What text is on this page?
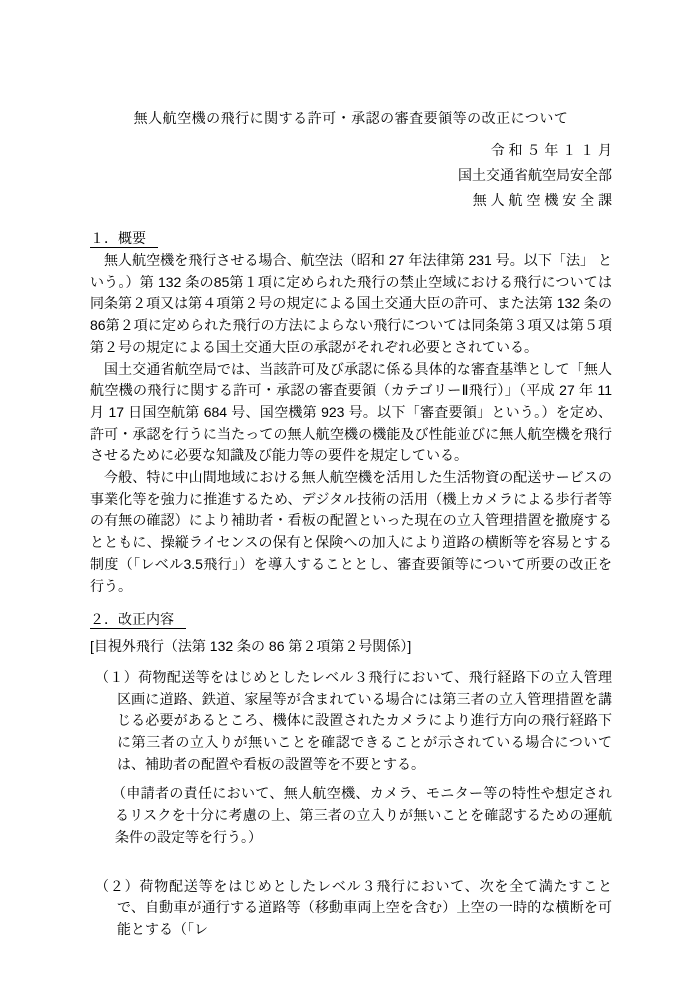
無人航空機の飛行に関する許可・承認の審査要領等の改正について
令 和 ５ 年 １ １ 月
国土交通省航空局安全部
無 人 航 空 機 安 全 課
１．概要

無人航空機を飛行させる場合、航空法（昭和 27 年法律第 231 号。以下「法」 という。）第 132 条の85第１項に定められた飛行の禁止空域における飛行については同条第２項又は第４項第２号の規定による国土交通大臣の許可、また法第 132 条の86第２項に定められた飛行の方法によらない飛行については同条第３項又は第５項第２号の規定による国土交通大臣の承認がそれぞれ必要とされている。

国土交通省航空局では、当該許可及び承認に係る具体的な審査基準として「無人航空機の飛行に関する許可・承認の審査要領（カテゴリーⅡ飛行）」（平成 27 年 11 月 17 日国空航第 684 号、国空機第 923 号。以下「審査要領」という。）を定め、許可・承認を行うに当たっての無人航空機の機能及び性能並びに無人航空機を飛行させるために必要な知識及び能力等の要件を規定している。

今般、特に中山間地域における無人航空機を活用した生活物資の配送サービスの事業化等を強力に推進するため、デジタル技術の活用（機上カメラによる歩行者等の有無の確認）により補助者・看板の配置といった現在の立入管理措置を撤廃するとともに、操縦ライセンスの保有と保険への加入により道路の横断等を容易とする制度（「レベル3.5飛行」）を導入することとし、審査要領等について所要の改正を行う。

２．改正内容
[目視外飛行（法第 132 条の 86 第２項第２号関係）]
（１）荷物配送等をはじめとしたレベル３飛行において、飛行経路下の立入管理区画に道路、鉄道、家屋等が含まれている場合には第三者の立入管理措置を講じる必要があるところ、機体に設置されたカメラにより進行方向の飛行経路下に第三者の立入りが無いことを確認できることが示されている場合については、補助者の配置や看板の設置等を不要とする。
（申請者の責任において、無人航空機、カメラ、モニター等の特性や想定されるリスクを十分に考慮の上、第三者の立入りが無いことを確認するための運航条件の設定等を行う。）
（２）荷物配送等をはじめとしたレベル３飛行において、次を全て満たすことで、自動車が通行する道路等（移動車両上空を含む）上空の一時的な横断を可能とする（「レ
